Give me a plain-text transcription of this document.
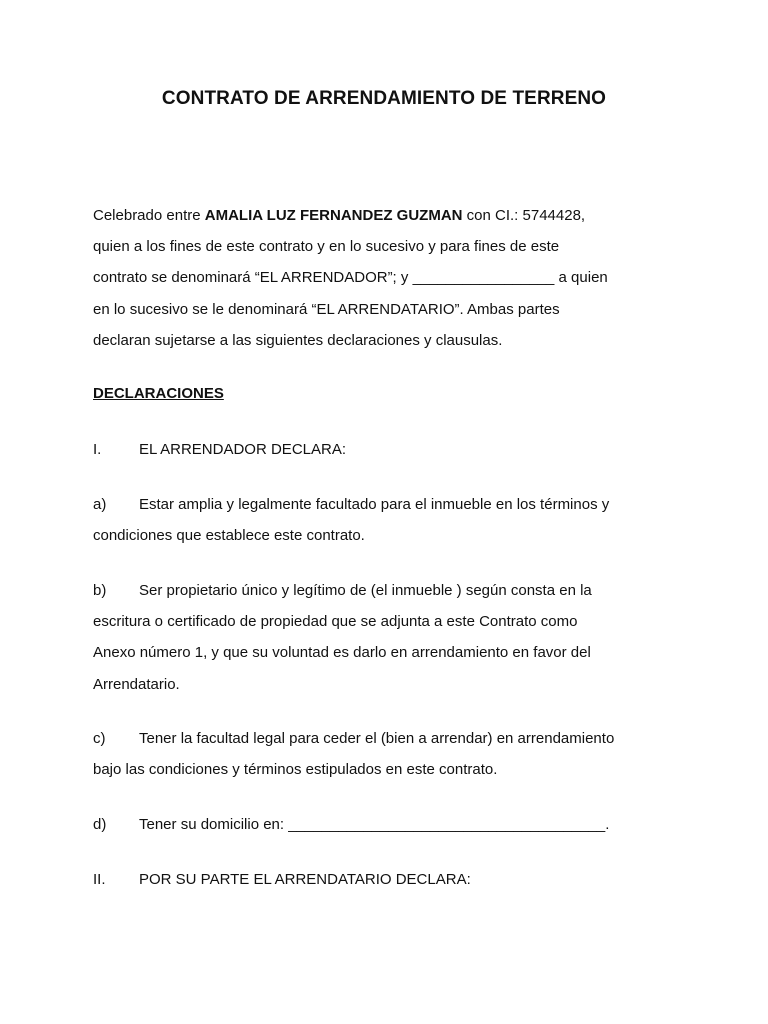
CONTRATO DE ARRENDAMIENTO DE TERRENO
Celebrado entre AMALIA LUZ FERNANDEZ GUZMAN con CI.: 5744428,
quien a los fines de este contrato y en lo sucesivo y para fines de este
contrato se denominará “EL ARRENDADOR”; y _________________ a quien
en lo sucesivo se le denominará “EL ARRENDATARIO”. Ambas partes
declaran sujetarse a las siguientes declaraciones y clausulas.
DECLARACIONES
I.	EL ARRENDADOR DECLARA:
a) Estar amplia y legalmente facultado para el inmueble en los términos y
condiciones que establece este contrato.
b) Ser propietario único y legítimo de (el inmueble ) según consta en la
escritura o certificado de propiedad que se adjunta a este Contrato como
Anexo número 1, y que su voluntad es darlo en arrendamiento en favor del
Arrendatario.
c) Tener la facultad legal para ceder el (bien a arrendar) en arrendamiento
bajo las condiciones y términos estipulados en este contrato.
d) Tener su domicilio en: ______________________________________.
II. POR SU PARTE EL ARRENDATARIO DECLARA:
